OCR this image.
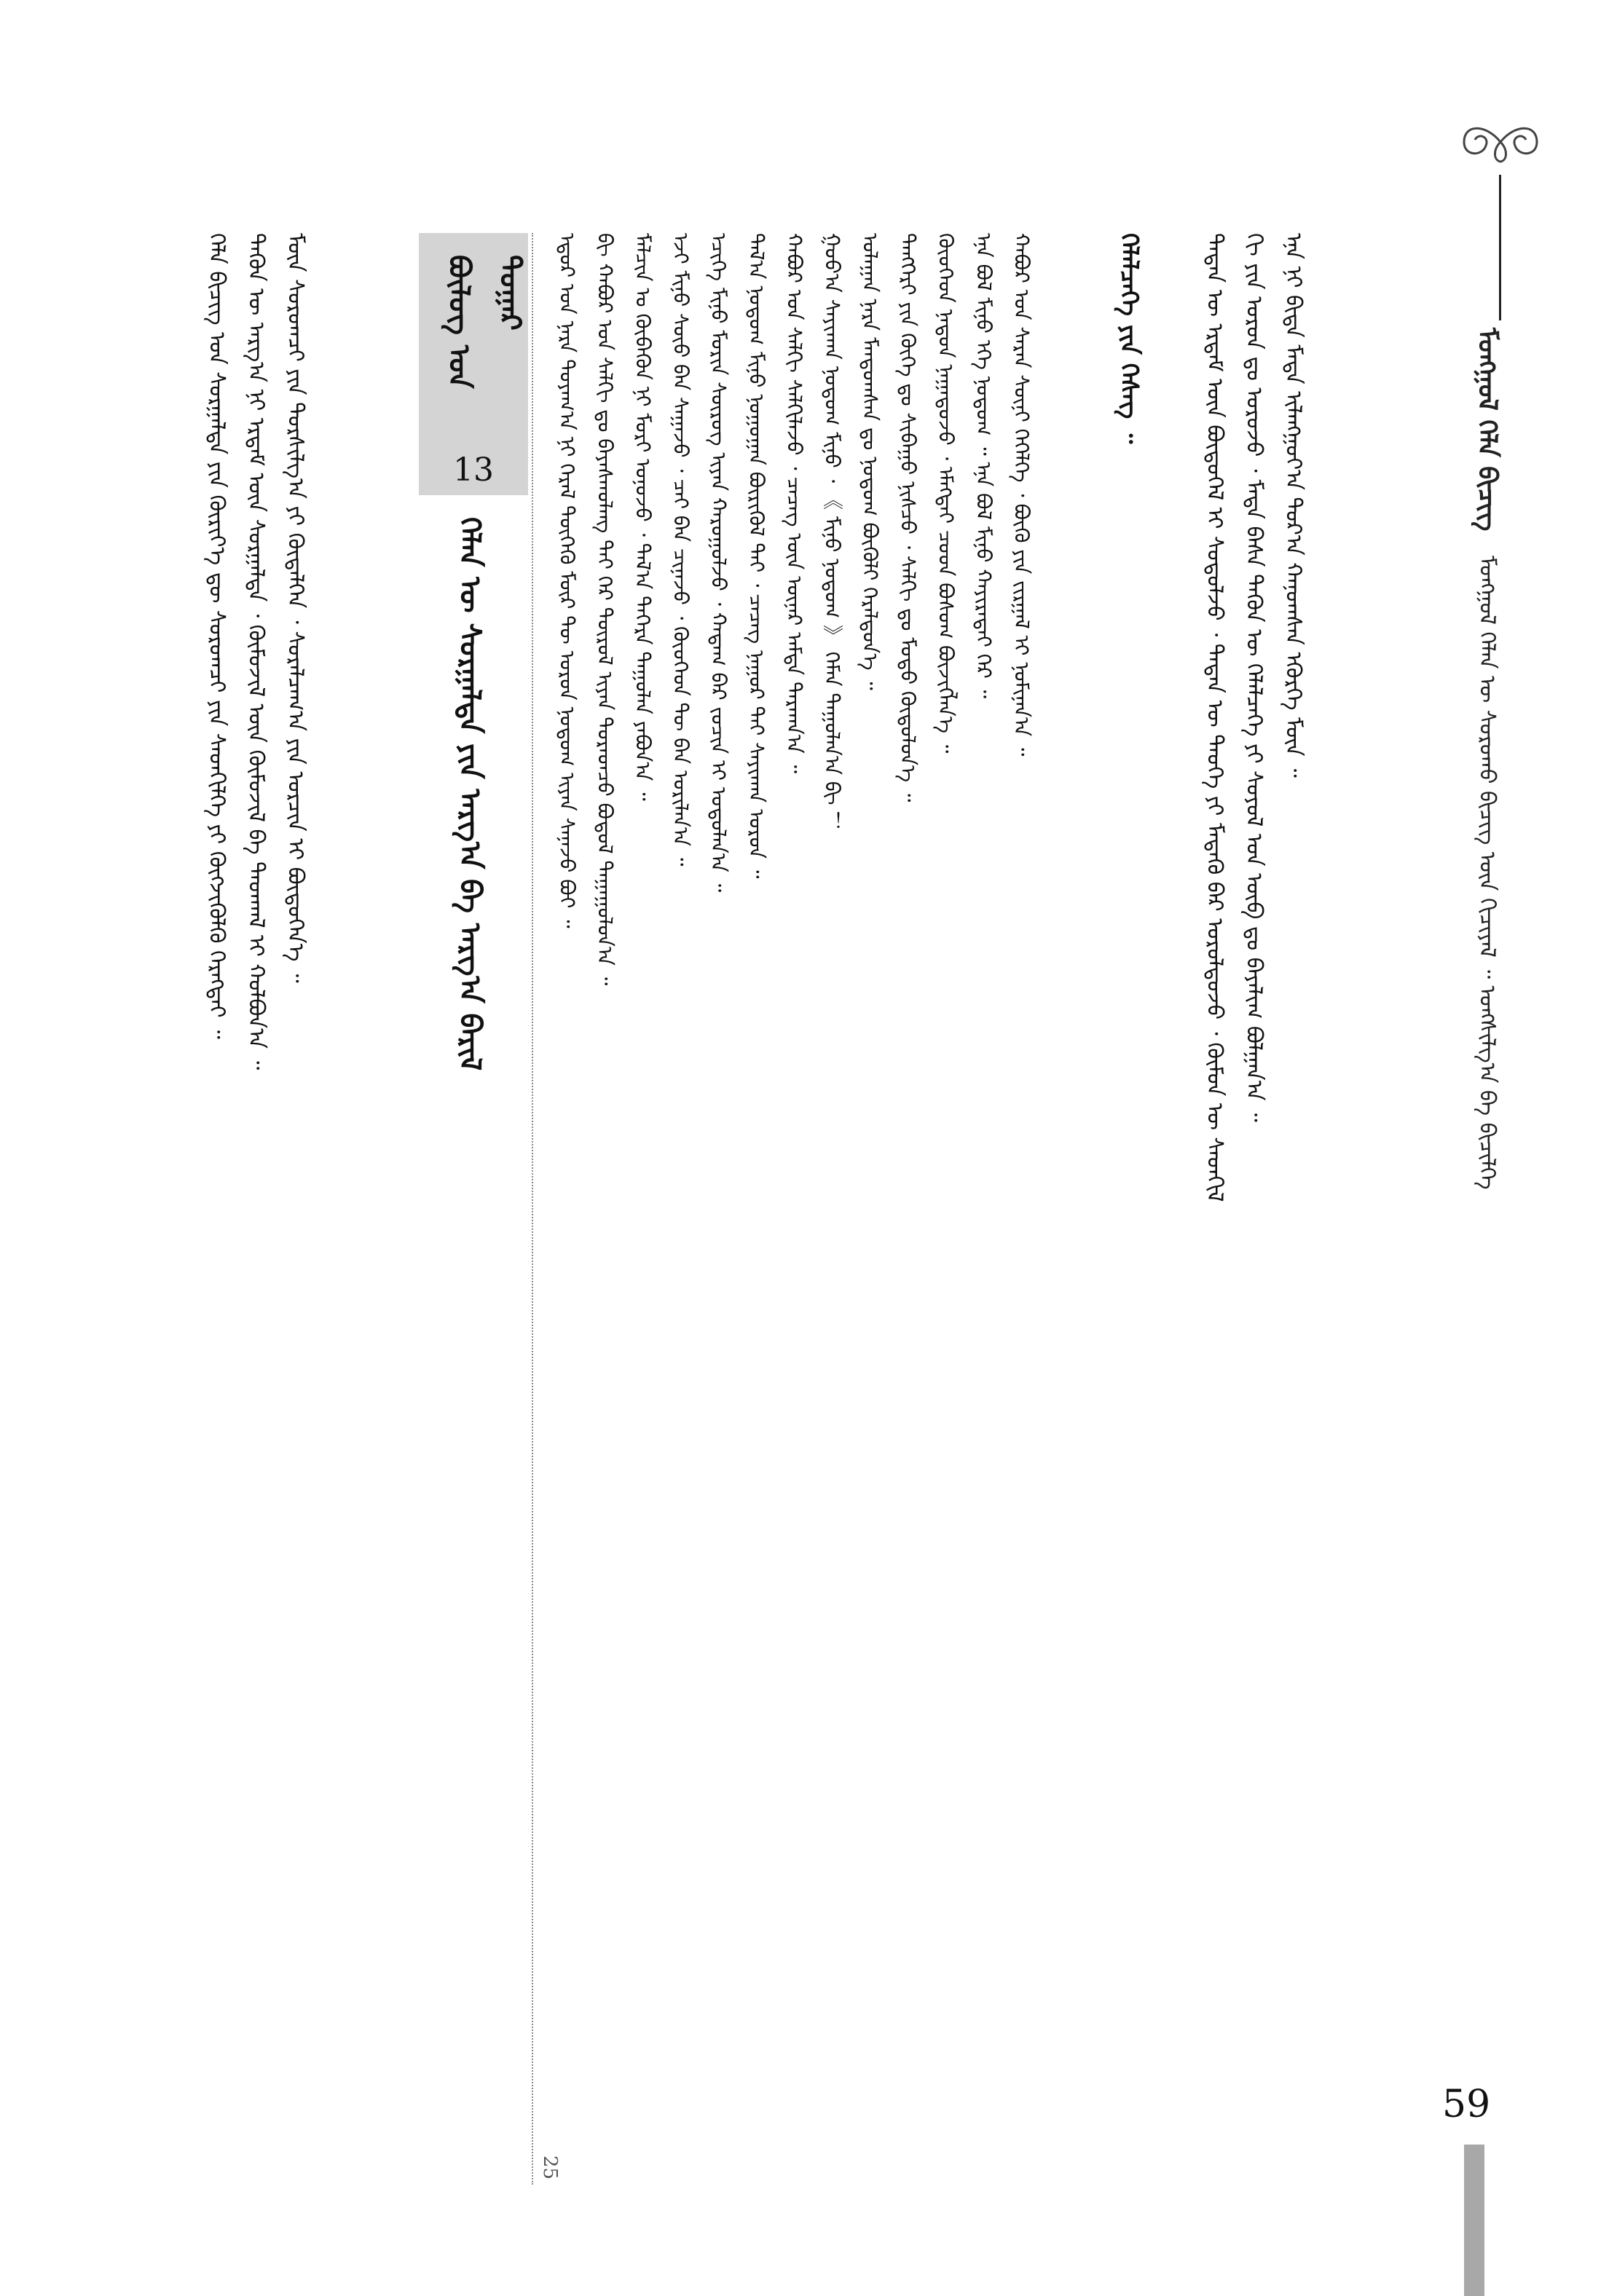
ᠮᠣᠩᠭᠣᠯ ᠬᠡᠯᠡ ᠪᠢᠴᠢᠭ ᠮᠣᠩᠭᠣᠯ ᠬᠡᠯᠡᠨ ᠦ ᠰᠤᠷᠤᠬᠤ ᠪᠢᠴᠢᠭ ᠦᠨ ᠬᠢᠴᠢᠶᠡᠯ ᠃ ᠤᠩᠰᠢᠯᠭ᠎ᠠ ᠪᠠ ᠪᠢᠴᠢᠯᠭᠡ
ᠲᠡᠳᠡᠨ ᠦ ᠡᠷᠳᠡᠮ ᠦᠨ ᠪᠦᠲᠦᠭᠡᠯ ᠢ ᠰᠤᠳᠤᠯᠵᠤ ᠂ ᠲᠡᠳᠡᠨ ᠦ ᠲᠡᠦᠬᠡ ᠶᠢ ᠮᠡᠳᠡᠬᠦ ᠪᠡᠷ ᠣᠷᠣᠯᠳᠤᠵᠤ ᠂ ᠬᠦᠮᠦᠨ ᠦ ᠰᠡᠳᠬᠢᠯ ᠬᠢ ᠶᠢᠨ ᠣᠷᠣᠨ ᠳᠤ ᠣᠷᠤᠵᠤ ᠂ ᠮᠠᠲᠠ ᠪᠠᠰᠠ ᠲᠡᠭᠦᠨ ᠦ ᠬᠡᠯᠡᠯᠴᠡᠭᠡ ᠶᠢ ᠰᠤᠶᠤᠯ ᠤᠨ ᠥᠪ ᠳᠤ ᠪᠠᠶᠠᠯᠢᠭ ᠪᠣᠯᠭᠠᠨ᠎ᠠ ᠃ ᠡᠨᠡ ᠨᠢ ᠪᠢᠳᠡ ᠮᠠᠲᠠ ᠢᠯᠠᠩᠭᠤᠶ᠎ᠠ ᠳᠤᠷ᠎ᠠ ᠬᠠᠨᠤᠭᠰᠠᠨ ᠡᠭᠦᠷᠭᠡ ᠮᠥᠨ ᠃
ᠬᠡᠯᠡᠯᠴᠡᠭᠡ ᠶᠢᠨ ᠬᠡᠰᠡᠭ ᠃
ᠡᠳᠦᠷ ᠤᠨ ᠨᠠᠷᠠ ᠲᠤᠶᠠᠭ᠎ᠠ ᠨᠢ ᠭᠡᠷᠡᠯ ᠲᠦᠭᠡᠬᠦ ᠮᠥᠷ ᠲᠦ ᠣᠷᠣᠨ ᠨᠤᠲᠤᠭ ᠢᠶᠠᠨ ᠰᠠᠨᠠᠵᠤ ᠪᠤᠢ ᠃ ᠪᠢ ᠬᠠᠪᠤᠷ ᠤᠨ ᠰᠠᠯᠬᠢ ᠳᠤ ᠪᠠᠶᠠᠰᠬᠤᠯᠠᠩ ᠲᠠᠢ ᠭᠡᠷ ᠲᠦᠷᠦᠯ ᠢᠶᠡᠨ ᠳᠤᠷᠠᠳᠴᠤ ᠪᠣᠳᠤᠯ ᠳᠠᠭᠠᠭᠤᠯᠤᠨ᠎ᠠ ᠃ ᠮᠠᠯᠴᠢᠨ ᠤ ᠬᠥᠪᠡᠭᠦᠨ ᠨᠢ ᠮᠣᠷᠢ ᠤᠨᠤᠵᠤ ᠂ ᠲᠠᠯ᠎ᠠ ᠳᠡᠭᠡᠷᠡ ᠳᠠᠭᠤᠯᠠᠨ ᠶᠠᠪᠤᠨ᠎ᠠ ᠃ ᠡᠵᠢ ᠮᠢᠨᠤ ᠰᠦᠦ ᠪᠡᠨ ᠰᠠᠭᠠᠵᠤ ᠂ ᠴᠠᠢ ᠪᠠᠨ ᠴᠢᠨᠠᠵᠤ ᠂ ᠬᠦᠦᠬᠡᠳ ᠲᠦ ᠪᠡᠨ ᠤᠷᠢᠯᠠᠨ᠎ᠠ ᠃ ᠡᠴᠢᠭᠡ ᠮᠢᠨᠤ ᠮᠣᠷᠢᠨ ᠰᠦᠷᠦᠭ ᠢᠶᠡᠨ ᠬᠠᠷᠤᠭᠤᠯᠵᠤ ᠂ ᠬᠠᠳᠠᠭ ᠪᠡᠷ ᠵᠣᠴᠢᠨ ᠢ ᠤᠳᠤᠯᠠᠨ᠎ᠠ ᠃ ᠲᠠᠯ᠎ᠠ ᠨᠤᠲᠤᠭ ᠮᠢᠨᠤ ᠨᠣᠭᠤᠭᠠᠨ ᠪᠦᠷᠢᠭᠦᠯ ᠲᠡᠢ ᠂ ᠴᠡᠴᠡᠭ ᠨᠠᠭᠤᠷ ᠲᠠᠢ ᠰᠠᠶᠢᠬᠠᠨ ᠣᠷᠣᠨ ᠃ ᠬᠠᠪᠤᠷ ᠤᠨ ᠰᠠᠯᠬᠢ ᠰᠠᠯᠬᠢᠯᠠᠵᠤ ᠂ ᠴᠡᠴᠡᠭ ᠦᠨ ᠦᠨᠡᠷ ᠠᠮᠲᠠ ᠲᠠᠷᠬᠠᠨ᠎ᠠ ᠃ ᠭᠣᠣ᠎ᠠ ᠰᠠᠶᠢᠬᠠᠨ ᠨᠤᠲᠤᠭ ᠮᠢᠨᠤ ᠂ 《 ᠮᠢᠨᠤ ᠨᠤᠲᠤᠭ 》 ᠬᠡᠮᠡᠨ ᠳᠠᠭᠤᠯᠠᠨ᠎ᠠ ᠪᠢ ！ ᠤᠯᠠᠭᠠᠨ ᠨᠠᠷᠠ ᠮᠠᠨᠳᠤᠭᠰᠠᠨ ᠳᠤ ᠨᠤᠲᠤᠭ ᠪᠦᠬᠦᠯᠢ ᠭᠡᠷᠡᠯᠲᠦᠨ᠎ᠡ ᠃ ᠲᠡᠩᠭᠡᠷᠢ ᠶᠢᠨ ᠬᠥᠬᠡ ᠳᠤ ᠰᠢᠪᠠᠭᠤ ᠨᠢᠰᠴᠦ ᠂ ᠰᠠᠯᠬᠢ ᠳᠤ ᠮᠣᠳᠤ ᠬᠦᠳᠦᠯᠦᠨ᠎ᠡ ᠃ ᠬᠦᠦᠬᠡᠳ ᠨᠠᠳᠤᠨ ᠨᠠᠭᠠᠳᠤᠵᠤ ᠂ ᠡᠮᠡᠭᠲᠡᠢ ᠴᠤᠳ ᠪᠤᠰᠤᠭ ᠪᠦᠵᠢᠭᠯᠡᠨ᠎ᠡ ᠃ ᠡᠨᠡ ᠪᠣᠯ ᠮᠢᠨᠤ ᠡᠬᠡ ᠨᠤᠲᠤᠭ ᠃ ᠡᠨᠡ ᠪᠣᠯ ᠮᠢᠨᠤ ᠬᠠᠶᠢᠷᠠᠲᠠᠢ ᠭᠡᠷ ᠃ ᠬᠠᠪᠤᠷ ᠤᠨ ᠰᠠᠷᠠᠨ ᠰᠥᠨᠢ ᠭᠡᠭᠡᠯᠭᠡ ᠂ ᠪᠦᠬᠦ ᠶᠢᠨ ᠵᠢᠷᠭᠠᠯ ᠢ ᠨᠣᠮᠢᠨᠠᠨ᠎ᠠ ᠃
25
ᠪᠦᠯᠦᠭ ᠤᠨ ᠳᠤᠭᠠᠷ
13
ᠬᠡᠯᠡᠨ ᠦ ᠰᠤᠷᠭᠠᠯᠲᠠ ᠶᠢᠨ ᠠᠷᠭ᠎ᠠ ᠪᠠ ᠠᠷᠭ᠎ᠠ ᠪᠠᠷᠢᠯ
ᠬᠡᠯᠡ ᠪᠢᠴᠢᠭ ᠤᠨ ᠰᠤᠷᠭᠠᠯᠲᠠ ᠶᠢᠨ ᠬᠦᠷᠢᠶ᠎ᠡ ᠳᠦ ᠰᠤᠷᠤᠭᠴᠢ ᠶᠢᠨ ᠰᠡᠳᠬᠢᠯᠭᠡ ᠶᠢ ᠬᠥᠭᠵᠢᠭᠦᠯᠬᠦ ᠬᠡᠷᠡᠭᠲᠡᠢ ᠃ ᠲᠡᠭᠦᠨ ᠦ ᠠᠷᠭ᠎ᠠ ᠨᠢ ᠡᠷᠳᠡᠮ ᠦᠨ ᠰᠤᠷᠭᠠᠯᠲᠠ ᠂ ᠬᠦᠮᠦᠵᠢᠯ ᠦᠨ ᠬᠦᠮᠦᠵᠢᠯ ᠪᠠ ᠳᠠᠳᠬᠠᠯ ᠢ ᠬᠣᠯᠪᠣᠨ᠎ᠠ ᠃ ᠮᠥᠨ ᠰᠤᠷᠤᠭᠴᠢ ᠶᠢᠨ ᠲᠤᠷᠰᠢᠯᠭ᠎ᠠ ᠶᠢ ᠬᠥᠳᠡᠯᠭᠡᠨ ᠂ ᠰᠤᠷᠠᠯᠴᠠᠭ᠎ᠠ ᠶᠢᠨ ᠣᠷᠴᠢᠨ ᠢ ᠪᠦᠲᠦᠭᠡᠨ᠎ᠡ ᠃
59
